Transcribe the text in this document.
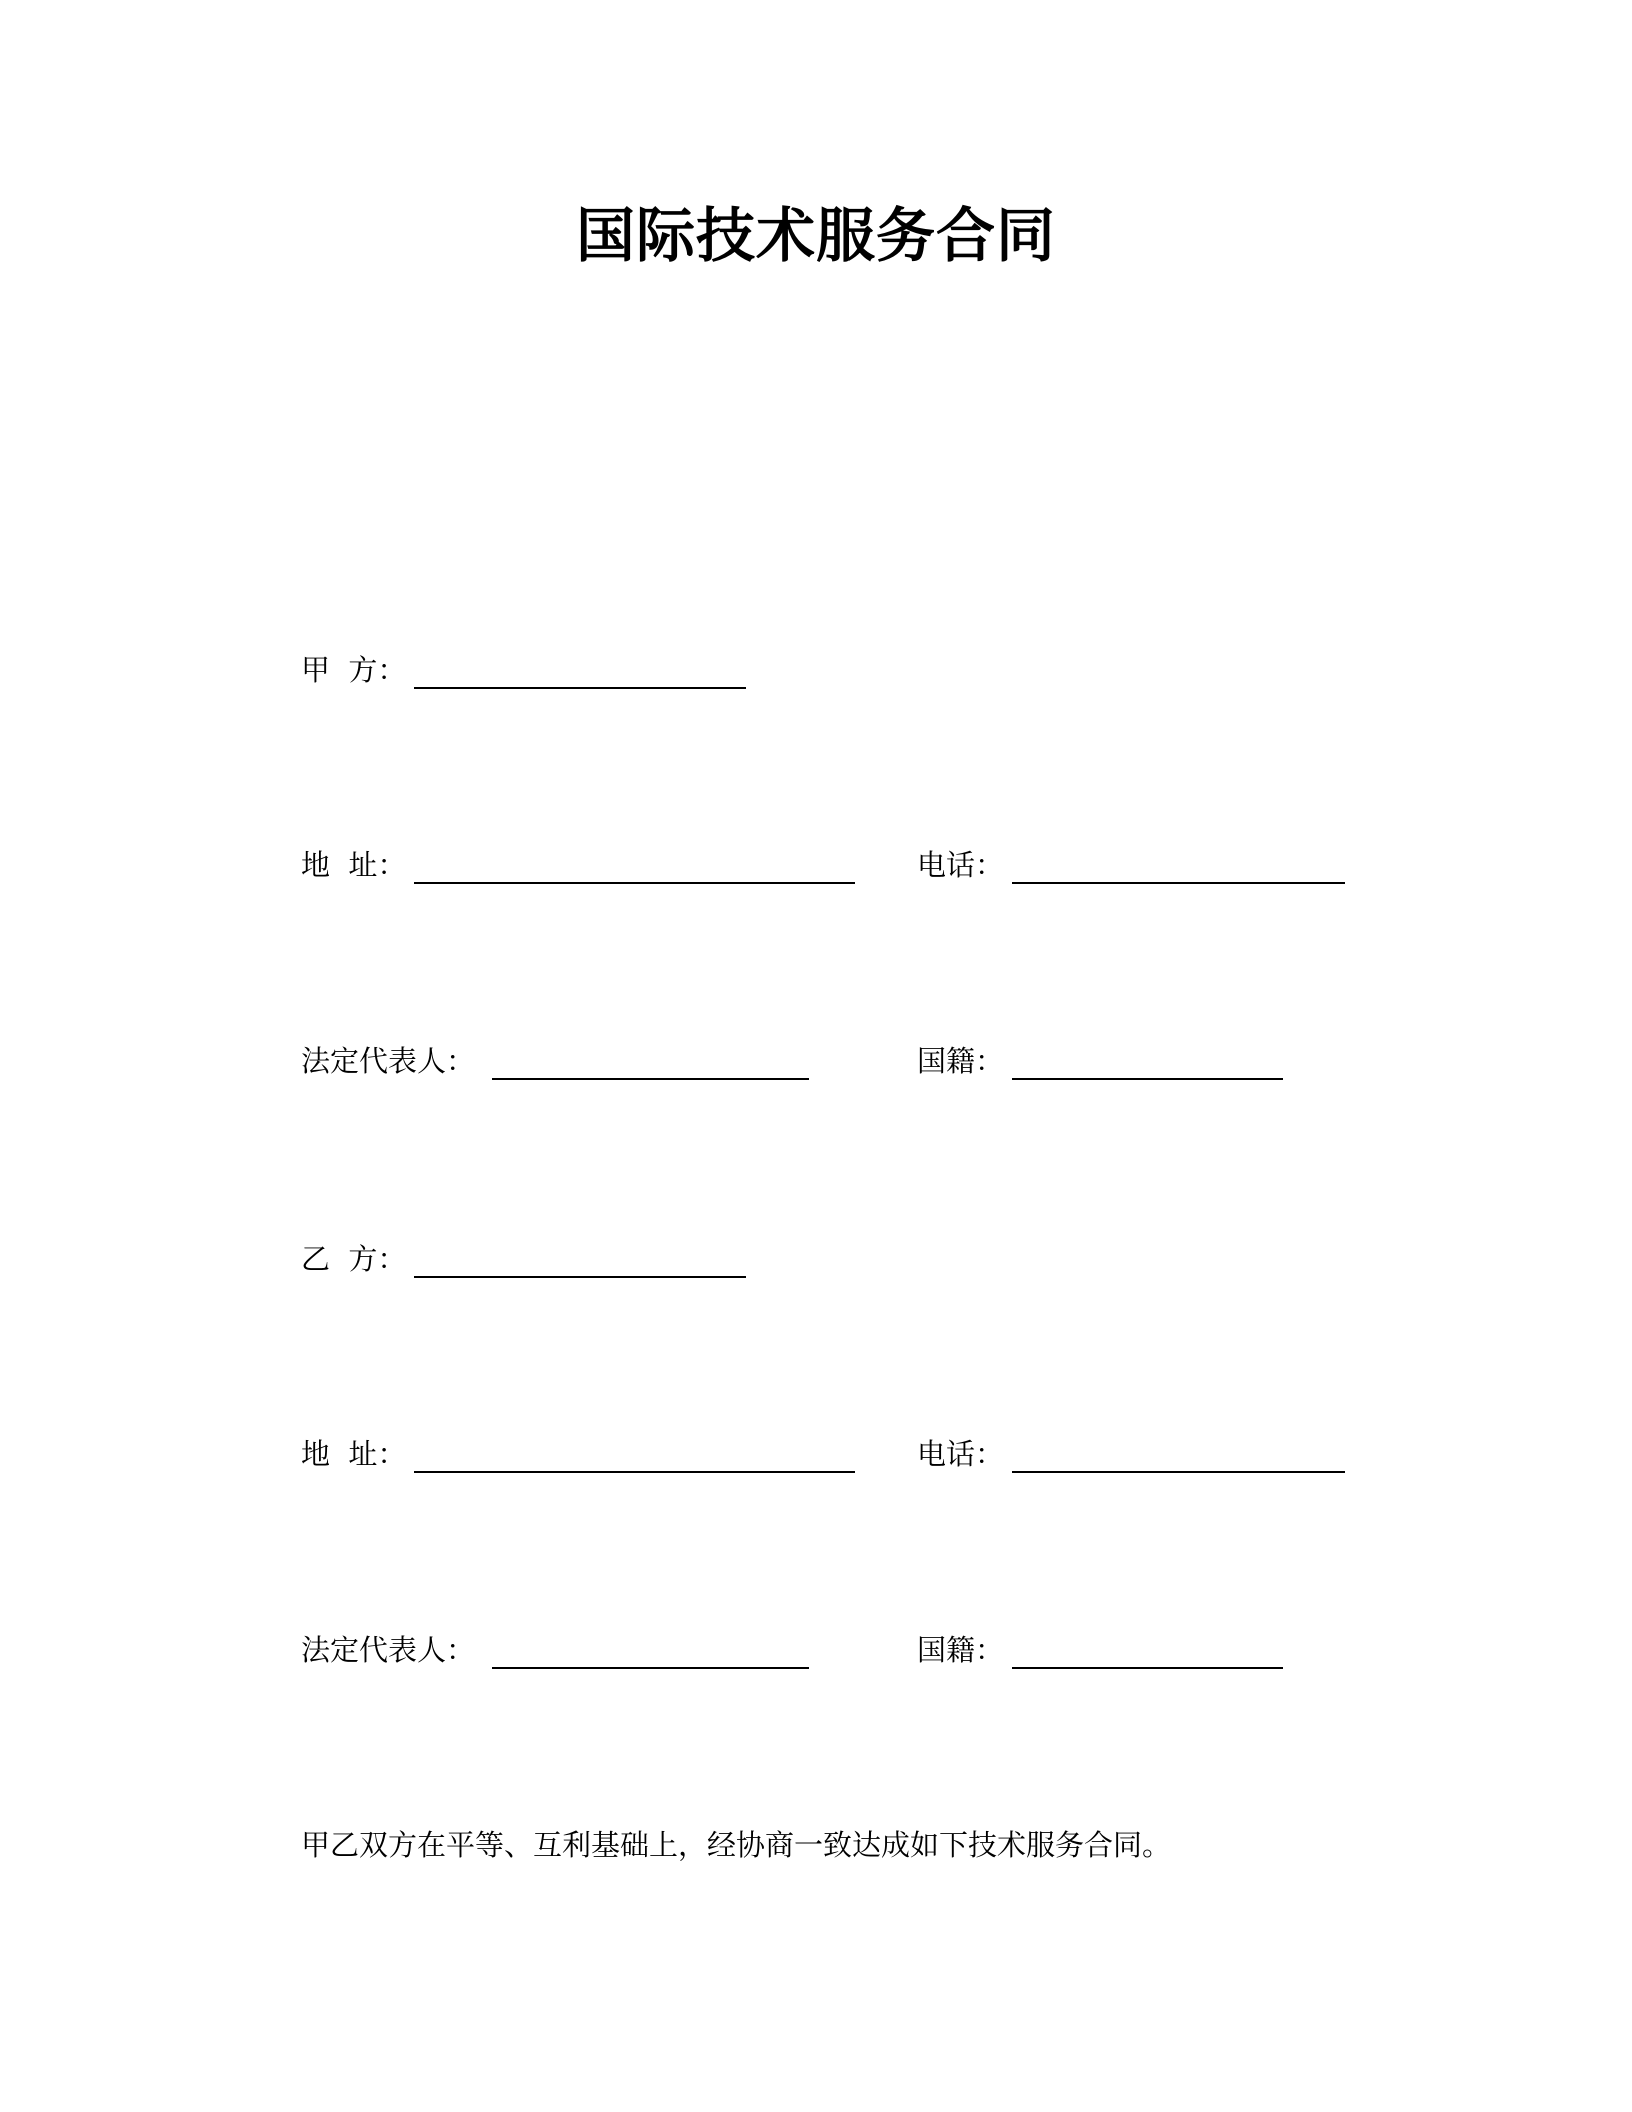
国际技术服务合同
甲  方：
地  址：	电话：
法定代表人：	国籍：
乙  方：
地  址：	电话：
法定代表人：	国籍：
甲乙双方在平等、互利基础上，经协商一致达成如下技术服务合同。
